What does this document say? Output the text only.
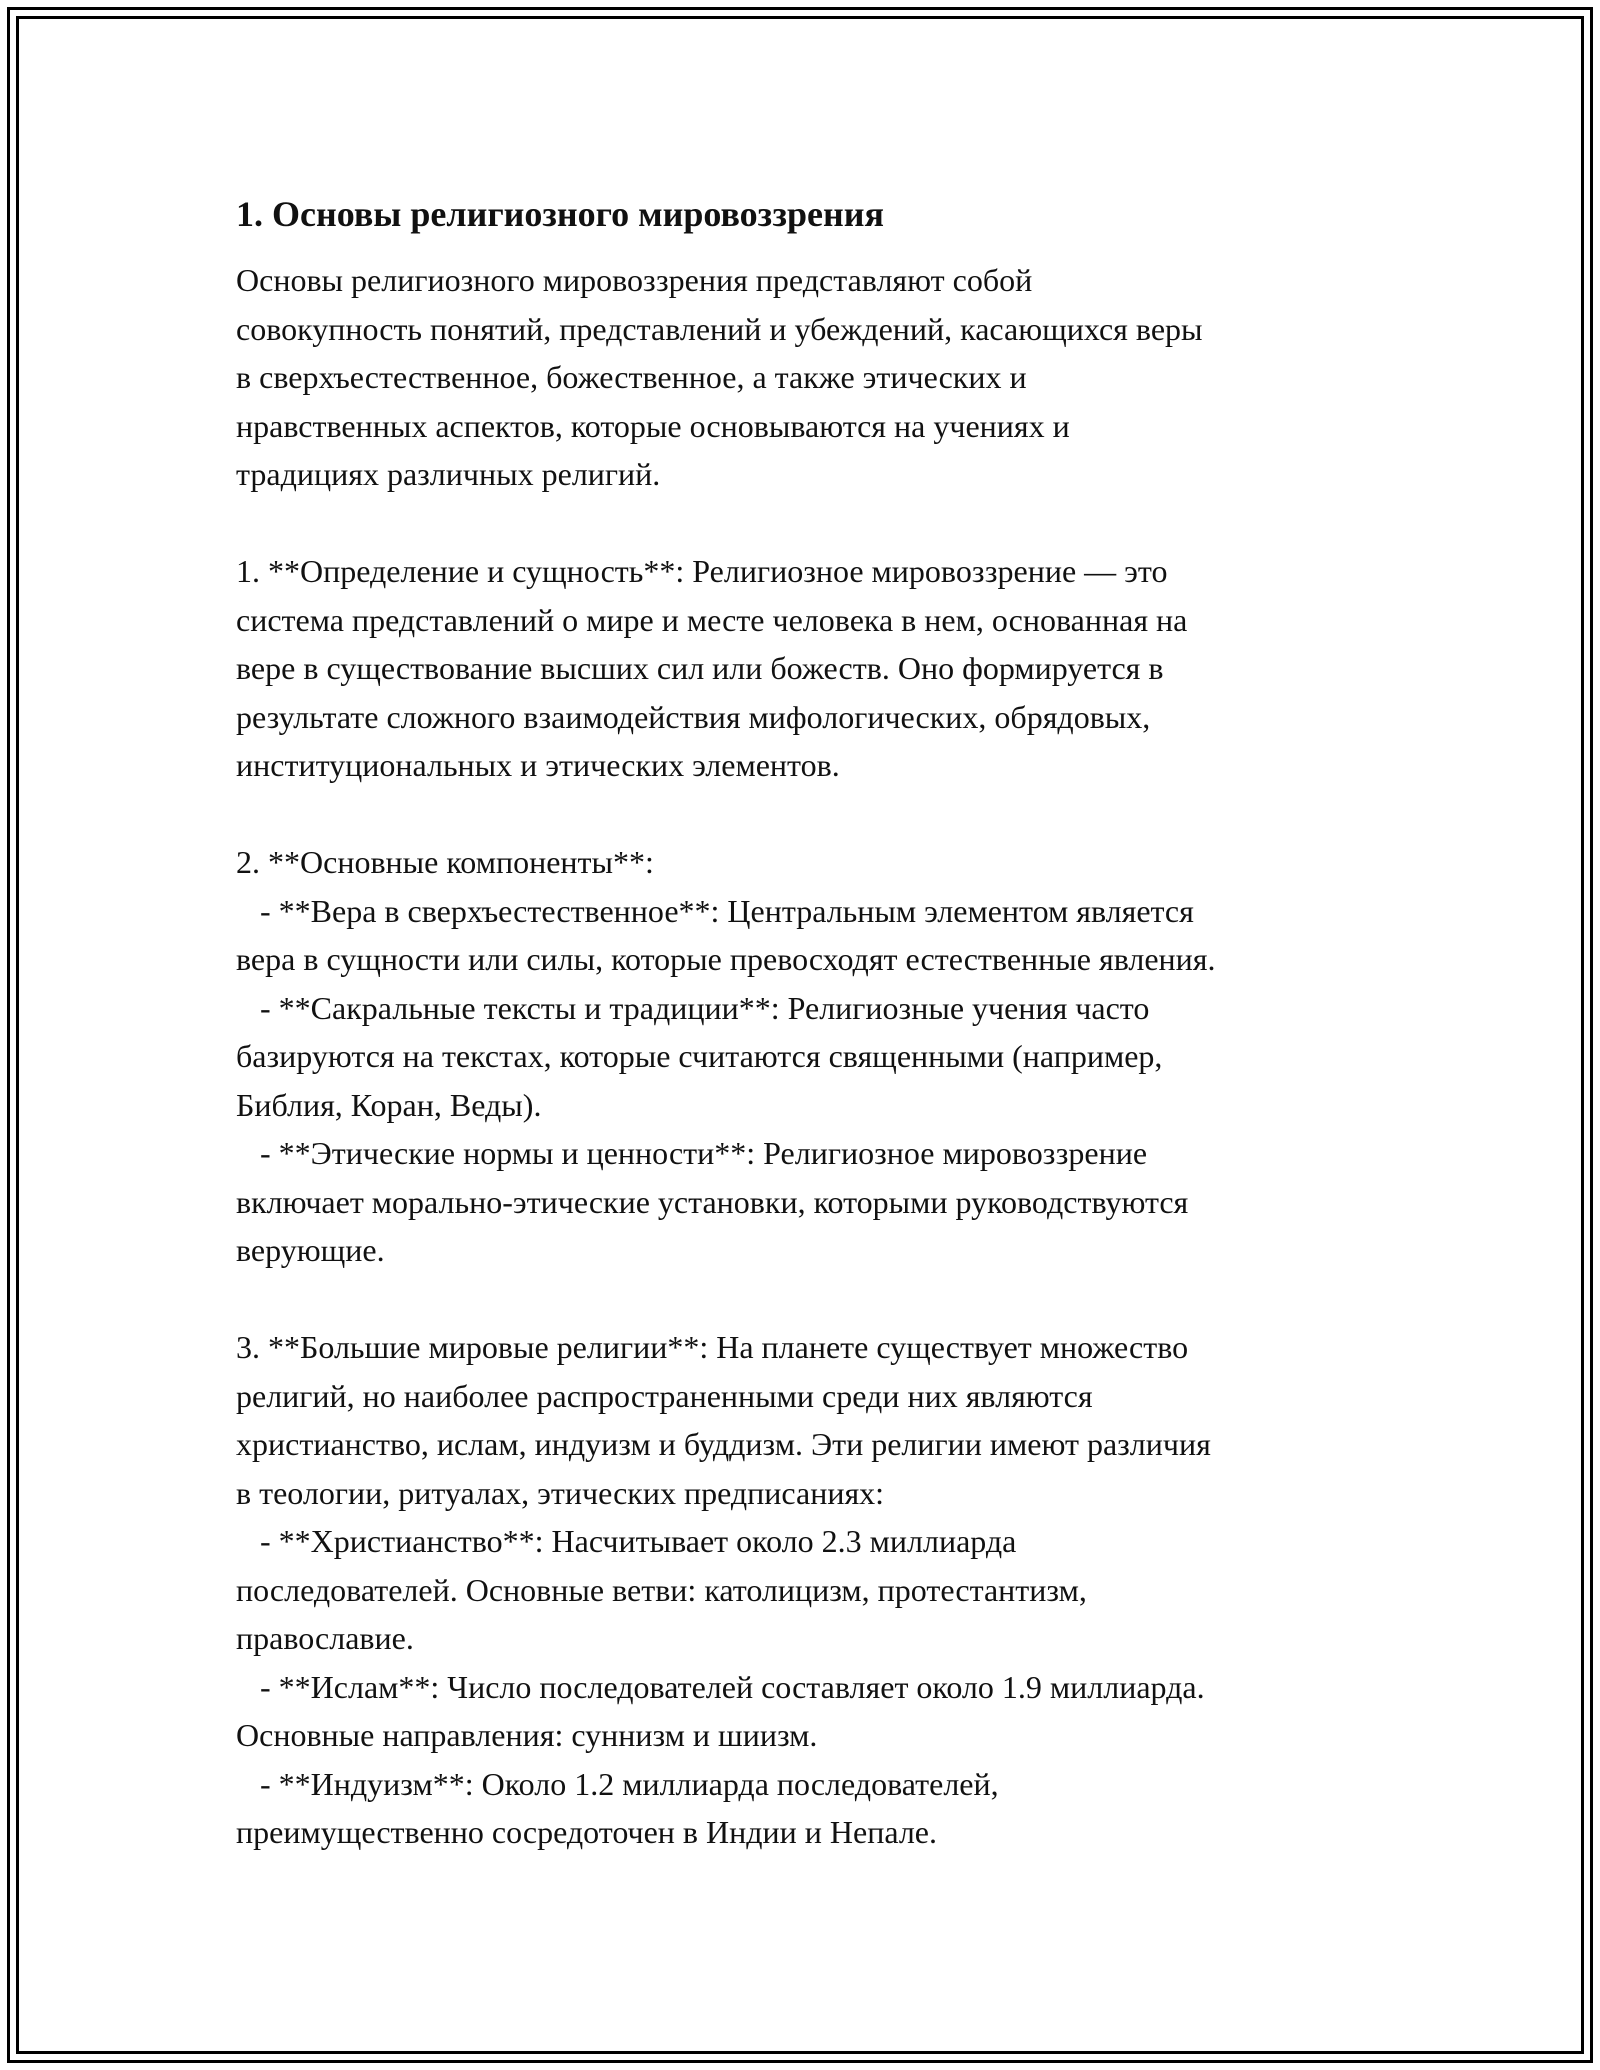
1. Основы религиозного мировоззрения
Основы религиозного мировоззрения представляют собой
совокупность понятий, представлений и убеждений, касающихся веры
в сверхъестественное, божественное, а также этических и
нравственных аспектов, которые основываются на учениях и
традициях различных религий.
1. **Определение и сущность**: Религиозное мировоззрение — это
система представлений о мире и месте человека в нем, основанная на
вере в существование высших сил или божеств. Оно формируется в
результате сложного взаимодействия мифологических, обрядовых,
институциональных и этических элементов.
2. **Основные компоненты**:
- **Вера в сверхъестественное**: Центральным элементом является
вера в сущности или силы, которые превосходят естественные явления.
- **Сакральные тексты и традиции**: Религиозные учения часто
базируются на текстах, которые считаются священными (например,
Библия, Коран, Веды).
- **Этические нормы и ценности**: Религиозное мировоззрение
включает морально-этические установки, которыми руководствуются
верующие.
3. **Большие мировые религии**: На планете существует множество
религий, но наиболее распространенными среди них являются
христианство, ислам, индуизм и буддизм. Эти религии имеют различия
в теологии, ритуалах, этических предписаниях:
- **Христианство**: Насчитывает около 2.3 миллиарда
последователей. Основные ветви: католицизм, протестантизм,
православие.
- **Ислам**: Число последователей составляет около 1.9 миллиарда.
Основные направления: суннизм и шиизм.
- **Индуизм**: Около 1.2 миллиарда последователей,
преимущественно сосредоточен в Индии и Непале.
